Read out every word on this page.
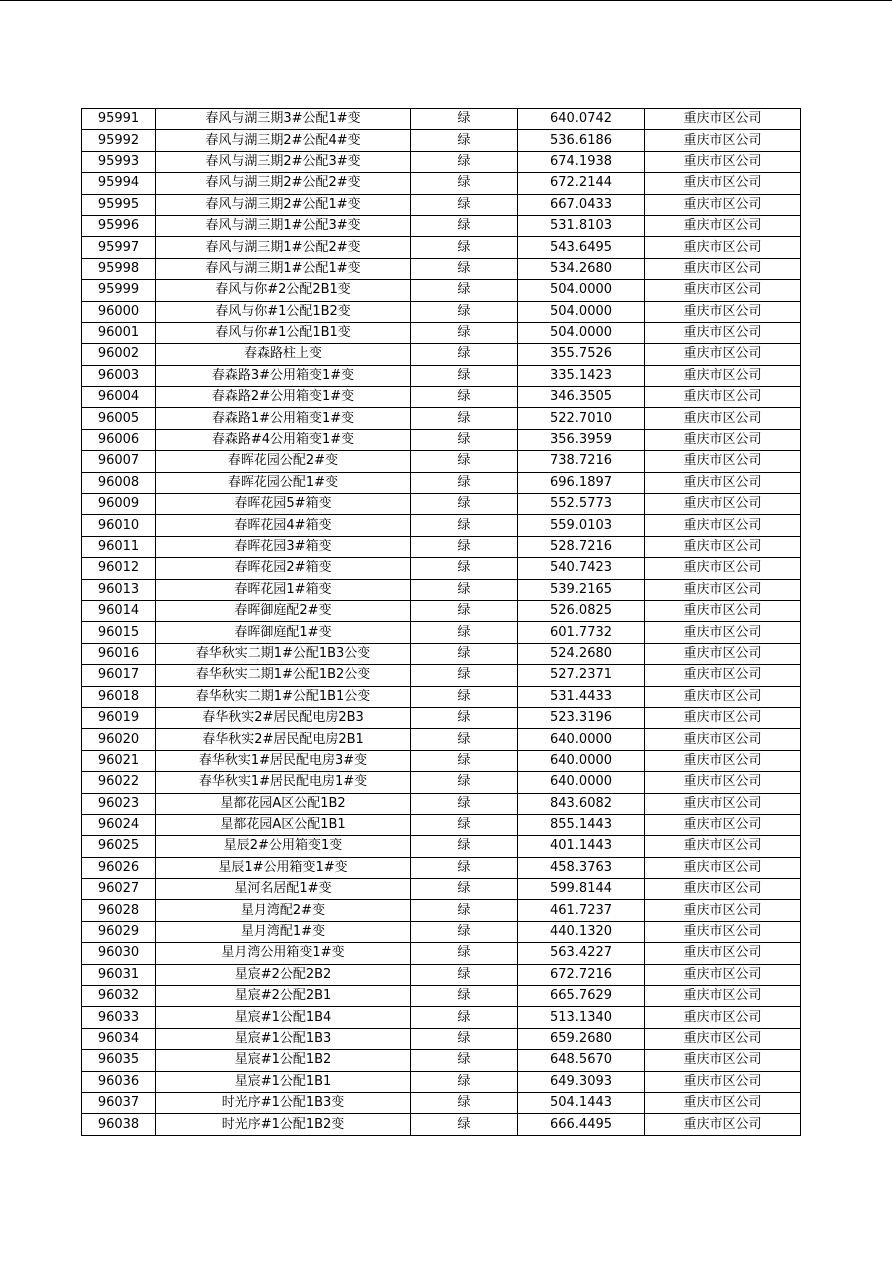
95991	春风与湖三期3#公配1#变	绿	640.0742	重庆市区公司
95992	春风与湖三期2#公配4#变	绿	536.6186	重庆市区公司
95993	春风与湖三期2#公配3#变	绿	674.1938	重庆市区公司
95994	春风与湖三期2#公配2#变	绿	672.2144	重庆市区公司
95995	春风与湖三期2#公配1#变	绿	667.0433	重庆市区公司
95996	春风与湖三期1#公配3#变	绿	531.8103	重庆市区公司
95997	春风与湖三期1#公配2#变	绿	543.6495	重庆市区公司
95998	春风与湖三期1#公配1#变	绿	534.2680	重庆市区公司
95999	春风与你#2公配2B1变	绿	504.0000	重庆市区公司
96000	春风与你#1公配1B2变	绿	504.0000	重庆市区公司
96001	春风与你#1公配1B1变	绿	504.0000	重庆市区公司
96002	春森路柱上变	绿	355.7526	重庆市区公司
96003	春森路3#公用箱变1#变	绿	335.1423	重庆市区公司
96004	春森路2#公用箱变1#变	绿	346.3505	重庆市区公司
96005	春森路1#公用箱变1#变	绿	522.7010	重庆市区公司
96006	春森路#4公用箱变1#变	绿	356.3959	重庆市区公司
96007	春晖花园公配2#变	绿	738.7216	重庆市区公司
96008	春晖花园公配1#变	绿	696.1897	重庆市区公司
96009	春晖花园5#箱变	绿	552.5773	重庆市区公司
96010	春晖花园4#箱变	绿	559.0103	重庆市区公司
96011	春晖花园3#箱变	绿	528.7216	重庆市区公司
96012	春晖花园2#箱变	绿	540.7423	重庆市区公司
96013	春晖花园1#箱变	绿	539.2165	重庆市区公司
96014	春晖御庭配2#变	绿	526.0825	重庆市区公司
96015	春晖御庭配1#变	绿	601.7732	重庆市区公司
96016	春华秋实二期1#公配1B3公变	绿	524.2680	重庆市区公司
96017	春华秋实二期1#公配1B2公变	绿	527.2371	重庆市区公司
96018	春华秋实二期1#公配1B1公变	绿	531.4433	重庆市区公司
96019	春华秋实2#居民配电房2B3	绿	523.3196	重庆市区公司
96020	春华秋实2#居民配电房2B1	绿	640.0000	重庆市区公司
96021	春华秋实1#居民配电房3#变	绿	640.0000	重庆市区公司
96022	春华秋实1#居民配电房1#变	绿	640.0000	重庆市区公司
96023	星都花园A区公配1B2	绿	843.6082	重庆市区公司
96024	星都花园A区公配1B1	绿	855.1443	重庆市区公司
96025	星辰2#公用箱变1变	绿	401.1443	重庆市区公司
96026	星辰1#公用箱变1#变	绿	458.3763	重庆市区公司
96027	星河名居配1#变	绿	599.8144	重庆市区公司
96028	星月湾配2#变	绿	461.7237	重庆市区公司
96029	星月湾配1#变	绿	440.1320	重庆市区公司
96030	星月湾公用箱变1#变	绿	563.4227	重庆市区公司
96031	星宸#2公配2B2	绿	672.7216	重庆市区公司
96032	星宸#2公配2B1	绿	665.7629	重庆市区公司
96033	星宸#1公配1B4	绿	513.1340	重庆市区公司
96034	星宸#1公配1B3	绿	659.2680	重庆市区公司
96035	星宸#1公配1B2	绿	648.5670	重庆市区公司
96036	星宸#1公配1B1	绿	649.3093	重庆市区公司
96037	时光序#1公配1B3变	绿	504.1443	重庆市区公司
96038	时光序#1公配1B2变	绿	666.4495	重庆市区公司
